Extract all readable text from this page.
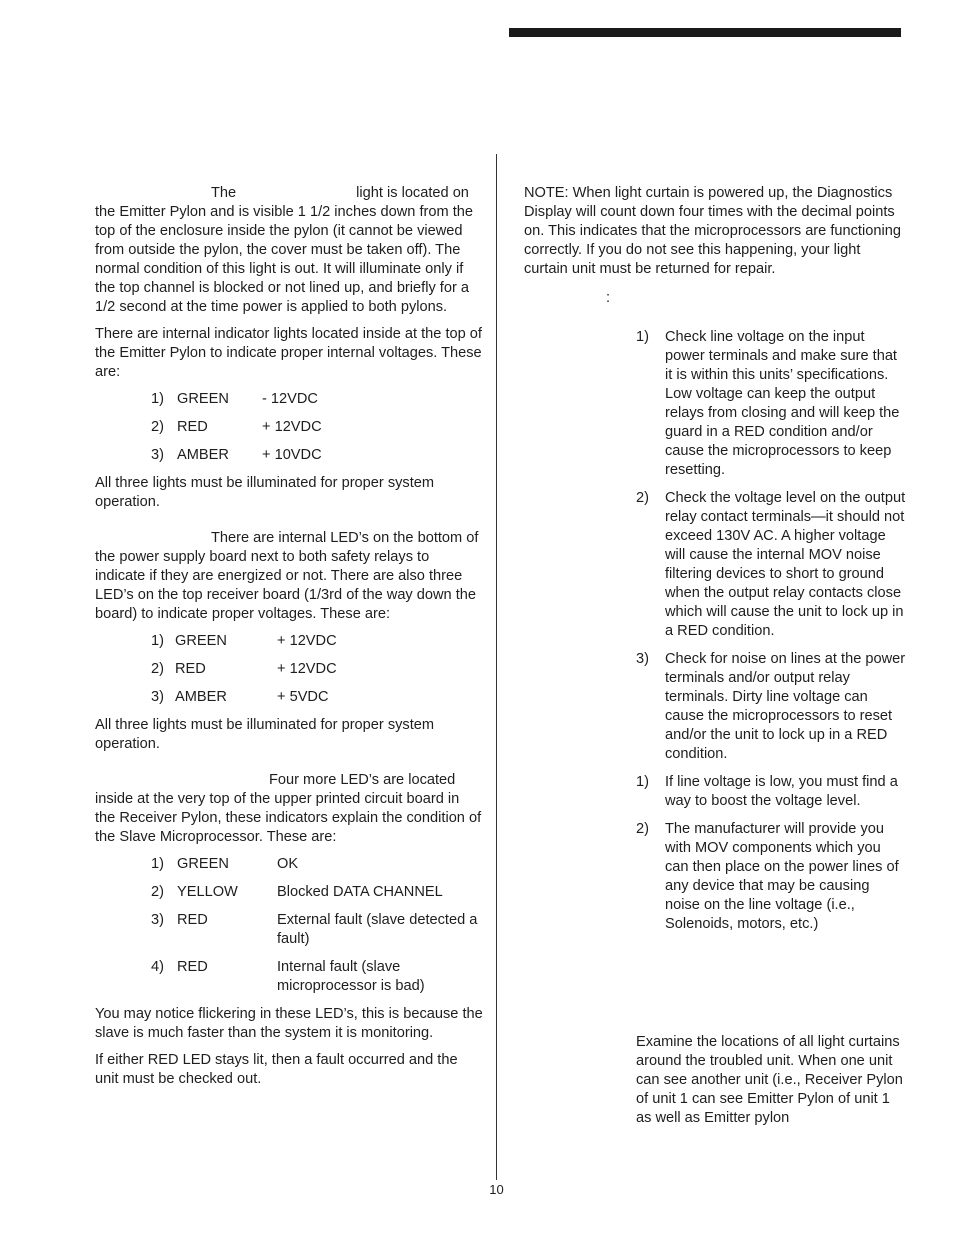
The	light is located on the Emitter Pylon and is visible 1 1/2 inches down from the top of the enclosure inside the pylon (it cannot be viewed from outside the pylon, the cover must be taken off). The normal condition of this light is out. It will illuminate only if the top channel is blocked or not lined up, and briefly for a 1/2 second at the time power is applied to both pylons.

There are internal indicator lights located inside at the top of the Emitter Pylon to indicate proper internal voltages. These are:

1) GREEN	- 12VDC
2) RED	+ 12VDC
3) AMBER	+ 10VDC

All three lights must be illuminated for proper system operation.

There are internal LED’s on the bottom of the power supply board next to both safety relays to indicate if they are energized or not. There are also three LED’s on the top receiver board (1/3rd of the way down the board) to indicate proper voltages. These are:

1) GREEN	+ 12VDC
2) RED	+ 12VDC
3) AMBER	+ 5VDC

All three lights must be illuminated for proper system operation.

Four more LED’s are located inside at the very top of the upper printed circuit board in the Receiver Pylon, these indicators explain the condition of the Slave Microprocessor. These are:

1) GREEN	OK
2) YELLOW	Blocked DATA CHANNEL
3) RED	External fault (slave detected a fault)
4) RED	Internal fault (slave microprocessor is bad)

You may notice flickering in these LED’s, this is because the slave is much faster than the system it is monitoring.

If either RED LED stays lit, then a fault occurred and the unit must be checked out.

NOTE: When light curtain is powered up, the Diagnostics Display will count down four times with the decimal points on. This indicates that the microprocessors are functioning correctly. If you do not see this happening, your light curtain unit must be returned for repair.

:
1)	Check line voltage on the input power terminals and make sure that it is within this units’ specifications. Low voltage can keep the output relays from closing and will keep the guard in a RED condition and/or cause the microprocessors to keep resetting.
2)	Check the voltage level on the output relay contact terminals—it should not exceed 130V AC. A higher voltage will cause the internal MOV noise filtering devices to short to ground when the output relay contacts close which will cause the unit to lock up in a RED condition.
3)	Check for noise on lines at the power terminals and/or output relay terminals. Dirty line voltage can cause the microprocessors to reset and/or the unit to lock up in a RED condition.
1)	If line voltage is low, you must find a way to boost the voltage level.
2)	The manufacturer will provide you with MOV components which you can then place on the power lines of any device that may be causing noise on the line voltage (i.e., Solenoids, motors, etc.)

Examine the locations of all light curtains around the troubled unit. When one unit can see another unit (i.e., Receiver Pylon of unit 1 can see Emitter Pylon of unit 1 as well as Emitter pylon

10
